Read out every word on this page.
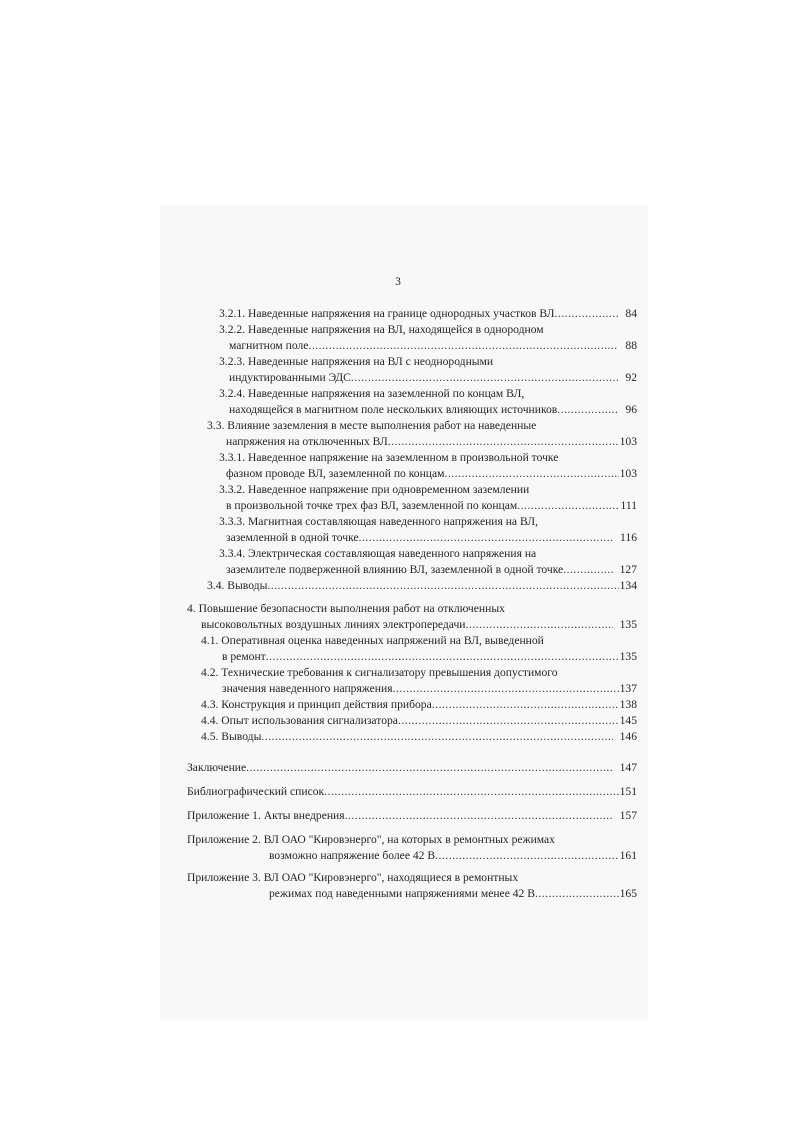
3
3.2.1. Наведенные напряжения на границе однородных участков ВЛ .....	84
3.2.2. Наведенные напряжения на ВЛ, находящейся в однородном
магнитном поле .....	88
3.2.3. Наведенные напряжения на ВЛ с неоднородными
индуктированными ЭДС .....	92
3.2.4. Наведенные напряжения на заземленной по концам ВЛ,
находящейся в магнитном поле нескольких влияющих источников .....	96
3.3. Влияние заземления в месте выполнения работ на наведенные
напряжения на отключенных ВЛ .....	103
3.3.1. Наведенное напряжение на заземленном в произвольной точке
фазном проводе ВЛ, заземленной по концам .....	103
3.3.2. Наведенное напряжение при одновременном заземлении
в произвольной точке трех фаз ВЛ, заземленной по концам .....	111
3.3.3. Магнитная составляющая наведенного напряжения на ВЛ,
заземленной в одной точке .....	116
3.3.4. Электрическая составляющая наведенного напряжения на
заземлителе подверженной влиянию ВЛ, заземленной в одной точке .....	127
3.4. Выводы .....	134
4. Повышение безопасности выполнения работ на отключенных
высоковольтных воздушных линиях электропередачи .....	135
4.1. Оперативная оценка наведенных напряжений на ВЛ, выведенной
в ремонт .....	135
4.2. Технические требования к сигнализатору превышения допустимого
значения наведенного напряжения .....	137
4.3. Конструкция и принцип действия прибора .....	138
4.4. Опыт использования сигнализатора .....	145
4.5. Выводы .....	146
Заключение .....	147
Библиографический список .....	151
Приложение 1. Акты внедрения .....	157
Приложение 2. ВЛ ОАО "Кировэнерго", на которых в ремонтных режимах
возможно напряжение более 42 В .....	161
Приложение 3. ВЛ ОАО "Кировэнерго", находящиеся в ремонтных
режимах под наведенными напряжениями менее 42 В .....	165
